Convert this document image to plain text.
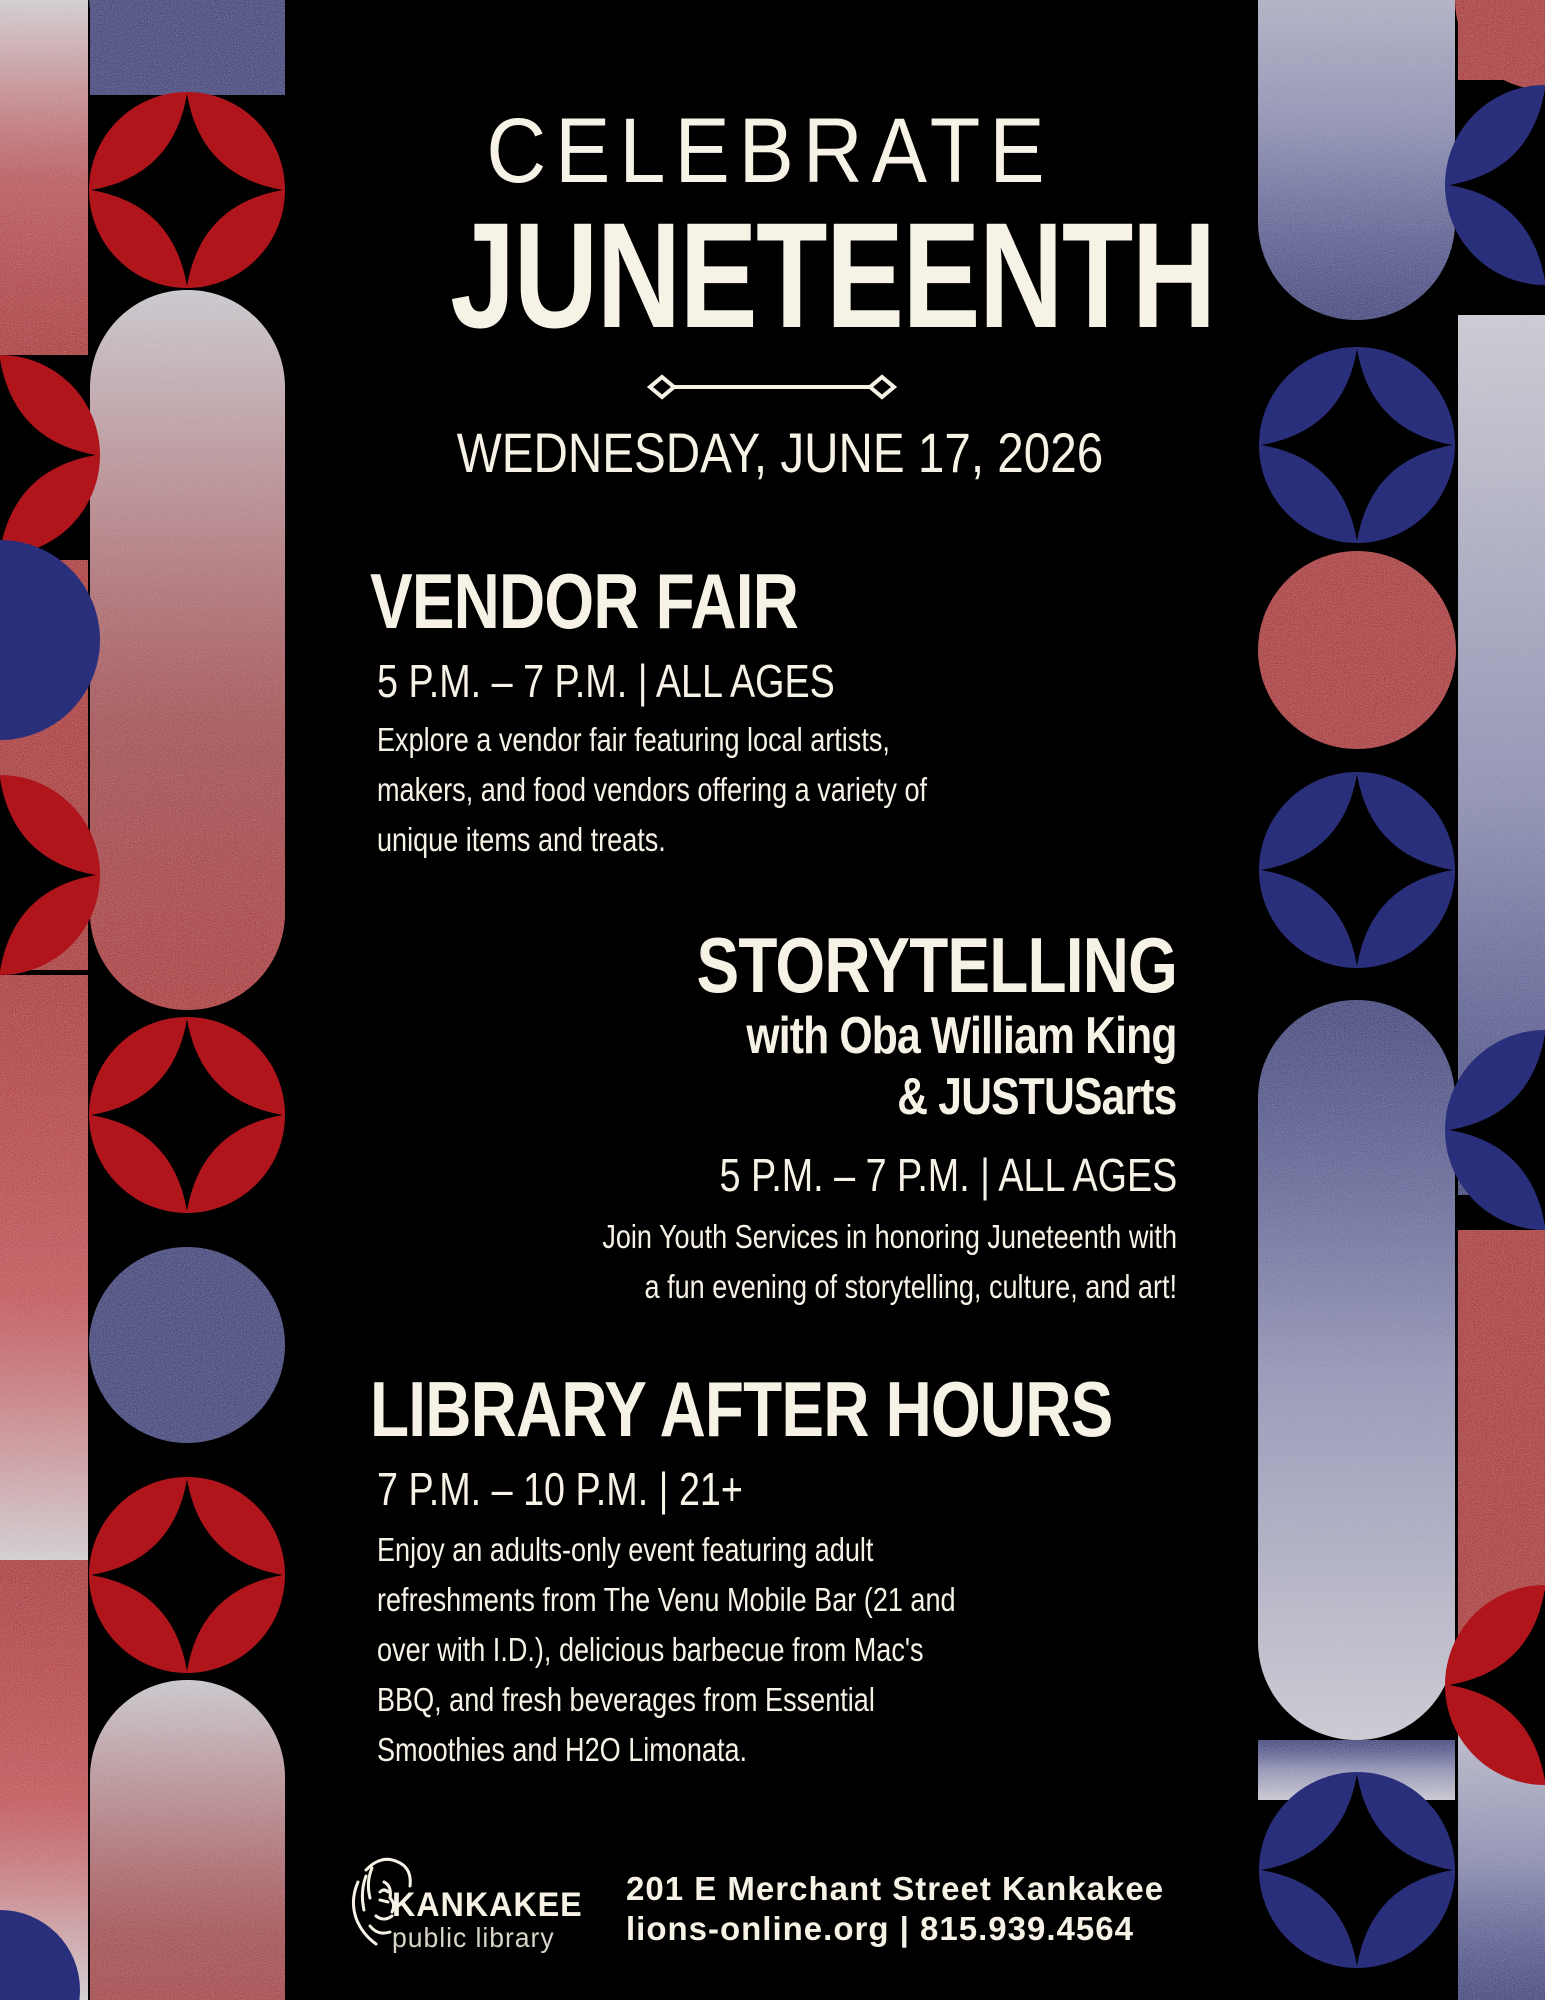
CELEBRATE
JUNETEENTH
WEDNESDAY, JUNE 17, 2026
VENDOR FAIR
5 P.M. – 7 P.M. | ALL AGES
Explore a vendor fair featuring local artists,
makers, and food vendors offering a variety of
unique items and treats.
STORYTELLING
with Oba William King
& JUSTUSarts
5 P.M. – 7 P.M. | ALL AGES
Join Youth Services in honoring Juneteenth with
a fun evening of storytelling, culture, and art!
LIBRARY AFTER HOURS
7 P.M. – 10 P.M. | 21+
Enjoy an adults-only event featuring adult
refreshments from The Venu Mobile Bar (21 and
over with I.D.), delicious barbecue from Mac's
BBQ, and fresh beverages from Essential
Smoothies and H2O Limonata.
KANKAKEE
public library
201 E Merchant Street Kankakee
lions-online.org | 815.939.4564
